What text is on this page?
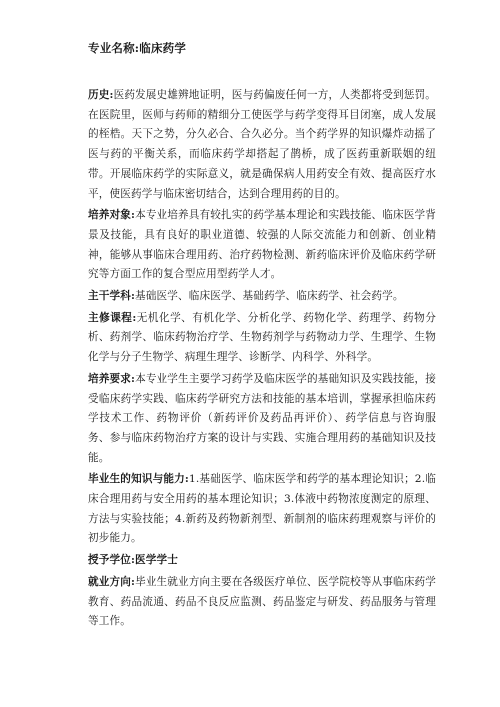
专业名称:临床药学
历史:医药发展史雄辨地证明，医与药偏废任何一方，人类都将受到惩罚。在医院里，医师与药师的精细分工使医学与药学变得耳目闭塞，成人发展的桎梏。天下之势，分久必合、合久必分。当个药学界的知识爆炸动摇了医与药的平衡关系，而临床药学却搭起了鹊桥，成了医药重新联姻的纽带。开展临床药学的实际意义，就是确保病人用药安全有效、提高医疗水平，使医药学与临床密切结合，达到合理用药的目的。
培养对象:本专业培养具有较扎实的药学基本理论和实践技能、临床医学背景及技能，具有良好的职业道德、较强的人际交流能力和创新、创业精神，能够从事临床合理用药、治疗药物检测、新药临床评价及临床药学研究等方面工作的复合型应用型药学人才。
主干学科:基础医学、临床医学、基础药学、临床药学、社会药学。
主修课程:无机化学、有机化学、分析化学、药物化学、药理学、药物分析、药剂学、临床药物治疗学、生物药剂学与药物动力学、生理学、生物化学与分子生物学、病理生理学、诊断学、内科学、外科学。
培养要求:本专业学生主要学习药学及临床医学的基础知识及实践技能，接受临床药学实践、临床药学研究方法和技能的基本培训，掌握承担临床药学技术工作、药物评价（新药评价及药品再评价）、药学信息与咨询服务、参与临床药物治疗方案的设计与实践、实施合理用药的基础知识及技能。
毕业生的知识与能力:1.基础医学、临床医学和药学的基本理论知识；2.临床合理用药与安全用药的基本理论知识；3.体液中药物浓度测定的原理、方法与实验技能；4.新药及药物新剂型、新制剂的临床药理观察与评价的初步能力。
授予学位:医学学士
就业方向:毕业生就业方向主要在各级医疗单位、医学院校等从事临床药学教育、药品流通、药品不良反应监测、药品鉴定与研发、药品服务与管理等工作。
